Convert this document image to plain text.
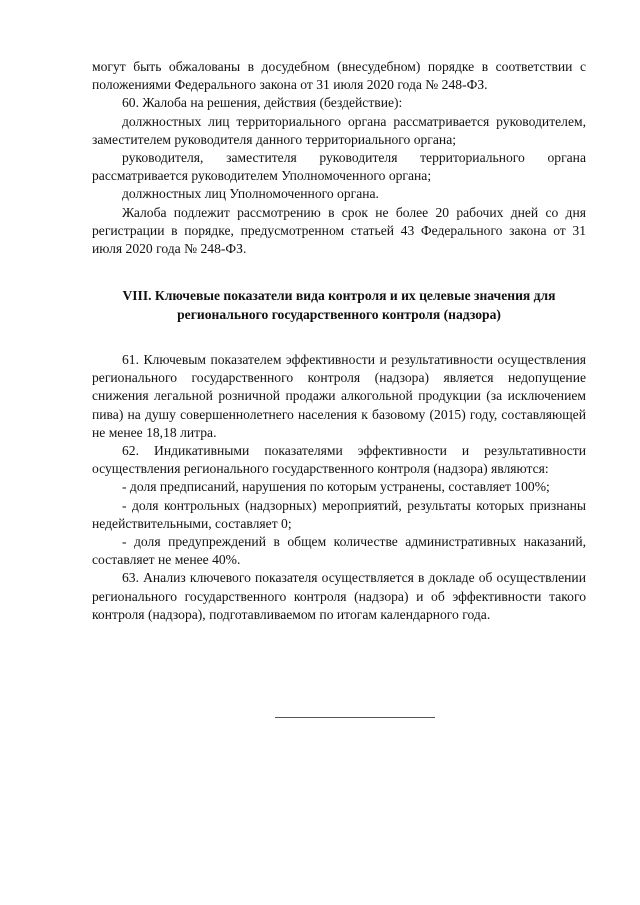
могут быть обжалованы в досудебном (внесудебном) порядке в соответствии с положениями Федерального закона от 31 июля 2020 года № 248-ФЗ.

60. Жалоба на решения, действия (бездействие):

должностных лиц территориального органа рассматривается руководителем, заместителем руководителя данного территориального органа;

руководителя, заместителя руководителя территориального органа рассматривается руководителем Уполномоченного органа;

должностных лиц Уполномоченного органа.

Жалоба подлежит рассмотрению в срок не более 20 рабочих дней со дня регистрации в порядке, предусмотренном статьей 43 Федерального закона от 31 июля 2020 года № 248-ФЗ.

VIII. Ключевые показатели вида контроля и их целевые значения для
регионального государственного контроля (надзора)

61. Ключевым показателем эффективности и результативности осуществления регионального государственного контроля (надзора) является недопущение снижения легальной розничной продажи алкогольной продукции (за исключением пива) на душу совершеннолетнего населения к базовому (2015) году, составляющей не менее 18,18 литра.

62. Индикативными показателями эффективности и результативности осуществления регионального государственного контроля (надзора) являются:

- доля предписаний, нарушения по которым устранены, составляет 100%;

- доля контрольных (надзорных) мероприятий, результаты которых признаны недействительными, составляет 0;

- доля предупреждений в общем количестве административных наказаний, составляет не менее 40%.

63. Анализ ключевого показателя осуществляется в докладе об осуществлении регионального государственного контроля (надзора) и об эффективности такого контроля (надзора), подготавливаемом по итогам календарного года.
